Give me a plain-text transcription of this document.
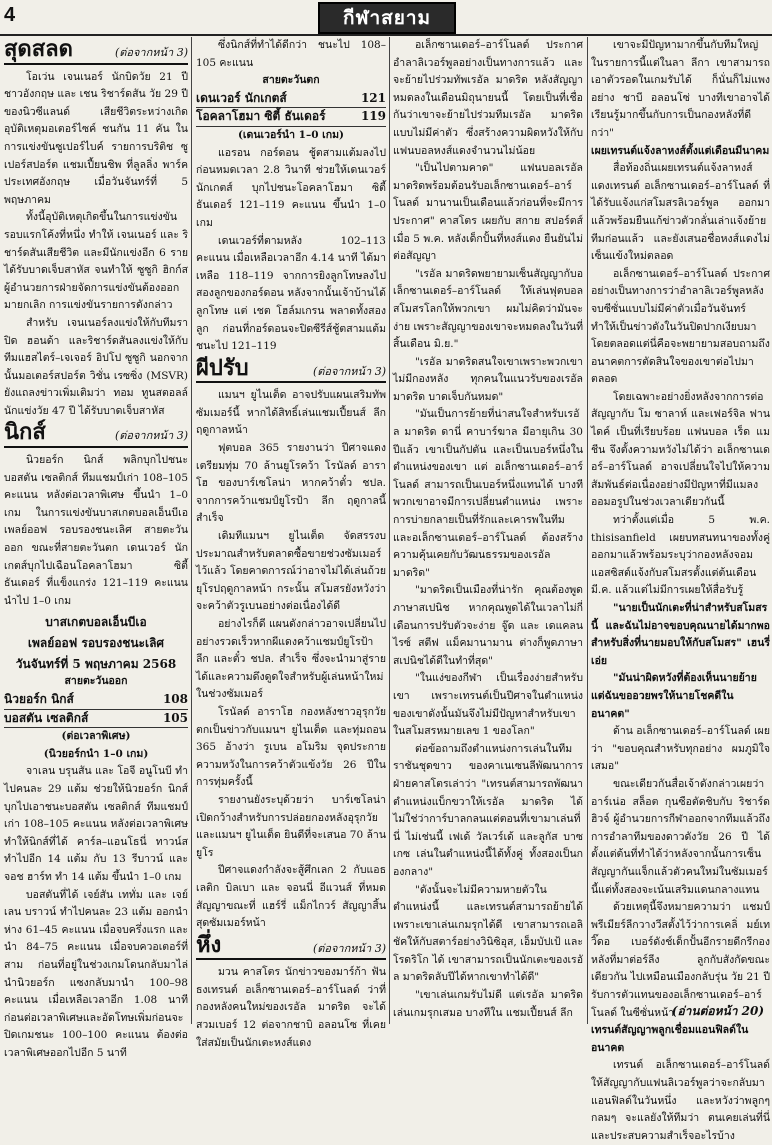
4	กีฬาสยาม
สุดสลด	(ต่อจากหน้า 3)

โอเว่น เจนเนอร์ นักบิดวัย 21 ปี ชาวอังกฤษ และ เชน ริชาร์ดสัน วัย 29 ปี ของนิวซีแลนด์ เสียชีวิตระหว่างเกิดอุบัติเหตุมอเตอร์ไซค์ ชนกัน 11 คัน ในการแข่งขันซูเปอร์ไบค์ รายการบริติช ซูเปอร์สปอร์ต แชมเปี้ยนชิพ ที่ลูลลิ่ง พาร์ค ประเทศอังกฤษ เมื่อวันจันทร์ที่ 5 พฤษภาคม

ทั้งนี้อุบัติเหตุเกิดขึ้นในการแข่งขันรอบแรกโค้งที่หนึ่ง ทำให้ เจนเนอร์ และ ริชาร์ดสันเสียชีวิต และมีนักแข่งอีก 6 รายได้รับบาดเจ็บสาหัส จนทำให้ ซูซูกิ ฮิกก์ส ผู้อำนวยการฝ่ายจัดการแข่งขันต้องออกมายกเลิก การแข่งขันรายการดังกล่าว

สำหรับ เจนเนอร์ลงแข่งให้กับทีมราปิด ฮอนด้า และริชาร์ดสันลงแข่งให้กับทีมแฮสไตร์–เจเจอร์ อิปโป ซูซูกิ นอกจากนั้นมอเตอร์สปอร์ต วิชั่น เรซซิ่ง (MSVR) ยังแถลงข่าวเพิ่มเติมว่า ทอม ทูนสตอลล์ นักแข่งวัย 47 ปี ได้รับบาดเจ็บสาหัส

นิกส์	(ต่อจากหน้า 3)

นิวยอร์ก นิกส์ พลิกบุกไปชนะบอสตัน เซลติกส์ ทีมแชมป์เก่า 108–105 คะแนน หลังต่อเวลาพิเศษ ขึ้นนำ 1–0 เกม ในการแข่งขันบาสเกตบอลเอ็นบีเอ เพลย์ออฟ รอบรองชนะเลิศ สายตะวันออก ขณะที่สายตะวันตก เดนเวอร์ นักเกตส์บุกไปเฉือนโอคลาโฮมา ซิตี้ ธันเดอร์ ที่แข็งแกร่ง 121–119 คะแนน นำไป 1–0 เกม

บาสเกตบอลเอ็นบีเอ
เพลย์ออฟ รอบรองชนะเลิศ
วันจันทร์ที่ 5 พฤษภาคม 2568
สายตะวันออก
นิวยอร์ก นิกส์	108
บอสตัน เซลติกส์	105
(ต่อเวลาพิเศษ)
(นิวยอร์กนำ 1–0 เกม)

จาเลน บรุนสัน และ โอจี อนูโนบี ทำไปคนละ 29 แต้ม ช่วยให้นิวยอร์ก นิกส์ บุกไปเอาชนะบอสตัน เซลติกส์ ทีมแชมป์เก่า 108–105 คะแนน หลังต่อเวลาพิเศษ ทำให้นิกส์ที่ได้ คาร์ล–แอนโธนี่ ทาวน์ส ทำไปอีก 14 แต้ม กับ 13 รีบาวน์ และ จอช ฮาร์ท ทำ 14 แต้ม ขึ้นนำ 1–0 เกม

บอสตันที่ได้ เจย์สัน เททั่ม และ เจย์เลน บราวน์ ทำไปคนละ 23 แต้ม ออกนำห่าง 61–45 คะแนน เมื่อจบครึ่งแรก และนำ 84–75 คะแนน เมื่อจบควอเตอร์ที่สาม ก่อนที่อยู่ในช่วงเกมโดนกลับมาไล่นำนิวยอร์ก แซงกลับมานำ 100–98 คะแนน เมื่อเหลือเวลาอีก 1.08 นาที ก่อนต่อเวลาพิเศษและอัดโทษเพิ่มก่อนจะปิดเกมชนะ 100–100 คะแนน ต้องต่อเวลาพิเศษออกไปอีก 5 นาที

ซึ่งนิกส์ที่ทำได้ดีกว่า ชนะไป 108–105 คะแนน

สายตะวันตก
เดนเวอร์ นักเกตส์	121
โอคลาโฮมา ซิตี้ ธันเดอร์	119
(เดนเวอร์นำ 1–0 เกม)

แอรอน กอร์ดอน ชู้ตสามแต้มลงไปก่อนหมดเวลา 2.8 วินาที ช่วยให้เดนเวอร์ นักเกตส์ บุกไปชนะโอคลาโฮมา ซิตี้ ธันเดอร์ 121–119 คะแนน ขึ้นนำ 1–0 เกม

เดนเวอร์ที่ตามหลัง 102–113 คะแนน เมื่อเหลือเวลาอีก 4.14 นาที ได้มาเหลือ 118–119 จากการยิงลูกโทษลงไปสองลูกของกอร์ดอน หลังจากนั้นเจ้าบ้านได้ลูกโทษ แต่ เชต โฮล์มเกรน พลาดทั้งสองลูก ก่อนที่กอร์ดอนจะปิดซีรีส์ชู้ตสามแต้มชนะไป 121–119

ผีปรับ	(ต่อจากหน้า 3)

แมนฯ ยูไนเต็ด อาจปรับแผนเสริมทัพซัมเมอร์นี้ หากได้สิทธิ์เล่นแชมเปี้ยนส์ ลีก ฤดูกาลหน้า

ฟุตบอล 365 รายงานว่า ปีศาจแดงเตรียมทุ่ม 70 ล้านยูโรคว้า โรนัลด์ อาราโฮ ของบาร์เซโลน่า หากคว้าตั๋ว ชปล. จากการคว้าแชมป์ยูโรป้า ลีก ฤดูกาลนี้สำเร็จ

เดิมทีแมนฯ ยูไนเต็ด จัดสรรงบประมาณสำหรับตลาดซื้อขายช่วงซัมเมอร์ไว้แล้ว โดยคาดการณ์ว่าอาจไม่ได้เล่นถ้วยยุโรปฤดูกาลหน้า กระนั้น สโมสรยังหวังว่าจะคว้าตัวรูเบนอย่างต่อเนื่องได้ดี

อย่างไรก็ดี แผนดังกล่าวอาจเปลี่ยนไปอย่างรวดเร็วหากผีแดงคว้าแชมป์ยูโรป้า ลีก และตั๋ว ชปล. สำเร็จ ซึ่งจะนำมาสู่รายได้และความดึงดูดใจสำหรับผู้เล่นหน้าใหม่ในช่วงซัมเมอร์

โรนัลด์ อาราโฮ กองหลังชาวอุรุกวัย ตกเป็นข่าวกับแมนฯ ยูไนเต็ด และทุ่มถอน 365 อ้างว่า รูเบน อโมริม จุดประกายความหวังในการคว้าตัวแข้งวัย 26 ปีในการทุ่มครั้งนี้

รายงานยังระบุด้วยว่า บาร์เซโลน่าเปิดกว้างสำหรับการปล่อยกองหลังอุรุกวัย และแมนฯ ยูไนเต็ด ยินดีที่จะเสนอ 70 ล้านยูโร

ปีศาจแดงกำลังจะสู้ศึกเลก 2 กับแอธเลติก บิลเบา และ จอนนี่ อีแวนส์ ที่หมดสัญญาขณะที่ แฮร์รี่ แม็กไกวร์ สัญญาสิ้นสุดซัมเมอร์หน้า

หึ่ง	(ต่อจากหน้า 3)

มวน คาสโตร นักข่าวของมาร์ก้า ฟันธงเทรนต์ อเล็กซานเดอร์–อาร์โนลด์ ว่าที่กองหลังคนใหม่ของเรอัล มาดริด จะได้สวมเบอร์ 12 ต่อจากชาบิ อลอนโซ ที่เคยใส่สมัยเป็นนักเตะหงส์แดง

อเล็กซานเดอร์–อาร์โนลด์ ประกาศอำลาลิเวอร์พูลอย่างเป็นทางการแล้ว และจะย้ายไปร่วมทัพเรอัล มาดริด หลังสัญญาหมดลงในเดือนมิถุนายนนี้ โดยเป็นที่เชื่อกันว่าเขาจะย้ายไปร่วมทีมเรอัล มาดริด แบบไม่มีค่าตัว ซึ่งสร้างความผิดหวังให้กับแฟนบอลหงส์แดงจำนวนไม่น้อย

"เป็นไปตามคาด" แฟนบอลเรอัล มาดริดพร้อมต้อนรับอเล็กซานเดอร์–อาร์โนลด์ มานานเป็นเดือนแล้วก่อนที่จะมีการประกาศ" คาสโตร เผยกับ สกาย สปอร์ตส์ เมื่อ 5 พ.ค. หลังเด็กปั้นที่หงส์แดง ยืนยันไม่ต่อสัญญา

"เรอัล มาดริดพยายามเซ็นสัญญากับอเล็กซานเดอร์–อาร์โนลด์ ให้เล่นฟุตบอลสโมสรโลกให้พวกเขา ผมไม่คิดว่ามันจะง่าย เพราะสัญญาของเขาจะหมดลงในวันที่สิ้นเดือน มิ.ย."

"เรอัล มาดริดสนใจเขาเพราะพวกเขาไม่มีกองหลัง ทุกคนในแนวรับของเรอัล มาดริด บาดเจ็บกันหมด"

"มันเป็นการย้ายที่น่าสนใจสำหรับเรอัล มาดริด ดานี่ คาบาร์ฆาล มีอายุเกิน 30 ปีแล้ว เขาเป็นกัปตัน และเป็นเบอร์หนึ่งในตำแหน่งของเขา แต่ อเล็กซานเดอร์–อาร์โนลด์ สามารถเป็นเบอร์หนึ่งแทนได้ บางทีพวกเขาอาจมีการเปลี่ยนตำแหน่ง เพราะการบ่ายกลายเป็นที่รักและเคารพในทีม และอเล็กซานเดอร์–อาร์โนลด์ ต้องสร้างความคุ้นเคยกับวัฒนธรรมของเรอัล มาดริด"

"มาดริดเป็นเมืองที่น่ารัก คุณต้องพูดภาษาสเปนิช หากคุณพูดได้ในเวลาไม่กี่เดือนการปรับตัวจะง่าย จู๊ด และ เดแคลน ไรซ์ สตีฟ แม็คมานามาน ต่างก็พูดภาษาสเปนิชได้ดีในทำที่สุด"

"ในแง่ของกีฬา เป็นเรื่องง่ายสำหรับเขา เพราะเทรนต์เป็นปีศาจในตำแหน่งของเขาดังนั้นมันจึงไม่มีปัญหาสำหรับเขาในสโมสรหมายเลข 1 ของโลก"

ต่อข้อถามถึงตำแหน่งการเล่นในทีมราชันชุดขาว ของคาเนเซนลีพัฒนาการ ฝ่ายคาสโตรเล่าว่า "เทรนต์สามารถพัฒนาตำแหน่งแบ็กขวาให้เรอัล มาดริด ได้ ไม่ใช่ว่าการ์บาลกลนแต่ตอนที่เขามาเล่นที่นี่ ไม่เช่นนี้ เฟเด้ วัลเวร์เด้ และลูกัส บาซเกซ เล่นในตำแหน่งนี้ได้ทั้งคู่ ทั้งสองเป็นกองกลาง"

"ดังนั้นจะไม่มีความหายตัวในตำแหน่งนี้ และเทรนต์สามารถย้ายได้ เพราะเขาเล่นเกมรุกได้ดี เขาสามารถเอลิชัคให้กับสตาร์อย่างวินิซิอุส, เอ็มบัปเป้ และ โรดริโก ได้ เขาสามารถเป็นนักเตะของเรอัล มาดริดลับปีได้หากเขาทำได้ดี"

"เขาเล่นเกมรับไม่ดี แต่เรอัล มาดริดเล่นเกมรุกเสมอ บางทีใน แชมเปี้ยนส์ ลีก

เขาจะมีปัญหามากขึ้นกับทีมใหญ่ในรายการนี้แต่ในลา ลีกา เขาสามารถเอาตัวรอดในเกมรับได้ ก็นั่นก็ไม่แพงอย่าง ชาบี อลอนโซ่ บางทีเขาอาจได้เรียนรู้มากขึ้นกับการเป็นกองหลังที่ดีกว่า"

เผยเทรนต์แจ้งลาหงส์ตั้งแต่เดือนมีนาคม

สื่อท้องถิ่นเผยเทรนต์แจ้งลาหงส์แดงเทรนต์ อเล็กซานเดอร์–อาร์โนลด์ ที่ได้รับแจ้งแก่สโมสรลิเวอร์พูล ออกมาแล้วพร้อมยืนแก้ข่าวตัวกลั่นเล่าแจ้งย้ายทีมก่อนแล้ว และยังเสนอชื่อหงส์แดงไม่เซ็นแข้งใหม่ตลอด

อเล็กซานเดอร์–อาร์โนลด์ ประกาศอย่างเป็นทางการว่าอำลาลิเวอร์พูลหลังจบซีซั่นแบบไม่มีค่าตัวเมื่อวันจันทร์ ทำให้เป็นข่าวดังในวันปิดปากเงียบมา โดยตลอดแต่นี่คือจะพยายามสอบถามถึงอนาคตการตัดสินใจของเขาต่อไปมาตลอด

โดยเฉพาะอย่างยิ่งหลังจากการต่อสัญญากับ โม ซาลาห์ และเฟอร์จิล ฟาน ไดค์ เป็นที่เรียบร้อย แฟนบอล เร็ด แมชีน จึงตั้งความหวังไม่ได้ว่า อเล็กซานเดอร์–อาร์โนลด์ อาจเปลี่ยนใจไปให้ความสัมพันธ์ต่อเนื่องอย่างมีปัญหาที่มีแมลงออมอรูปในช่วงเวลาเดียวกันนี้

ทว่าตั้งแต่เมื่อ 5 พ.ค. thisisanfield เผยบทสนทนาของทั้งคู่ออกมาแล้วพร้อมระบุว่ากองหลังจอมแอสซิสต์แจ้งกับสโมสรตั้งแต่ต้นเดือนมี.ค. แล้วแต่ไม่มีการเผยให้สื่อรับรู้

"นายเป็นนักเตะที่น่าสำหรับสโมสรนี้ และฉันไม่อาจขอบคุณนายได้มากพอสำหรับสิ่งที่นายมอบให้กับสโมสร" เฮนรี่เอ่ย

"มันน่าผิดหวังที่ต้องเห็นนายย้ายแต่ฉันขออวยพรให้นายโชคดีในอนาคต"

ด้าน อเล็กซานเดอร์–อาร์โนลด์ เผยว่า "ขอบคุณสำหรับทุกอย่าง ผมภูมิใจเสมอ"

ขณะเดียวกันสื่อเจ้าดังกล่าวเผยว่าอาร์เน่อ สล็อต กุนซือตัดชิบกับ ริชาร์ด ฮิวจ์ ผู้อำนวยการกีฬาออกจากทีมแล้วถึงการอำลาทีมของดาวดังวัย 26 ปี ได้ตั้งแต่ต้นที่ทำได้ว่าหลังจากนั้นการเซ็นสัญญากันแจ็กแล้วตัวคนใหม่ในซัมเมอร์นี้แต่ทั้งสองจะเน้นเสริมแดนกลางแทน

ด้วยเหตุนี้จึงหมายความว่า แชมป์พรีเมียร์ลีกวางวีสตั้งไว้ว่าการเคลิ่ มย์เทวิ๊ดอ เบอร์ดังช์เด็กปั้นอีกรายดีกรีกองหลังที่มาต่อร์ลีง ลูกกับสังกัดขณะเดียวกัน ไปเหมือนเมืองกลับรุ่น วัย 21 ปีรับการตัวแทนของอเล็กซานเดอร์–อาร์โนลด์ ในซีซั่นหน้า

เทรนต์สัญญาพลูกเชื่อมแอนฟิลด์ในอนาคต

เทรนต์ อเล็กซานเดอร์–อาร์โนลด์ ให้สัญญากับแฟนลิเวอร์พูลว่าจะกลับมาแอนฟิลด์ในวันหนึ่ง และหวังว่าพลูกๆ กลมๆ จะแลยังให้ทีมว่า ตนเคยเล่นที่นี่และประสบความสำเร็จอะไรบ้าง

(อ่านต่อหน้า 20)
